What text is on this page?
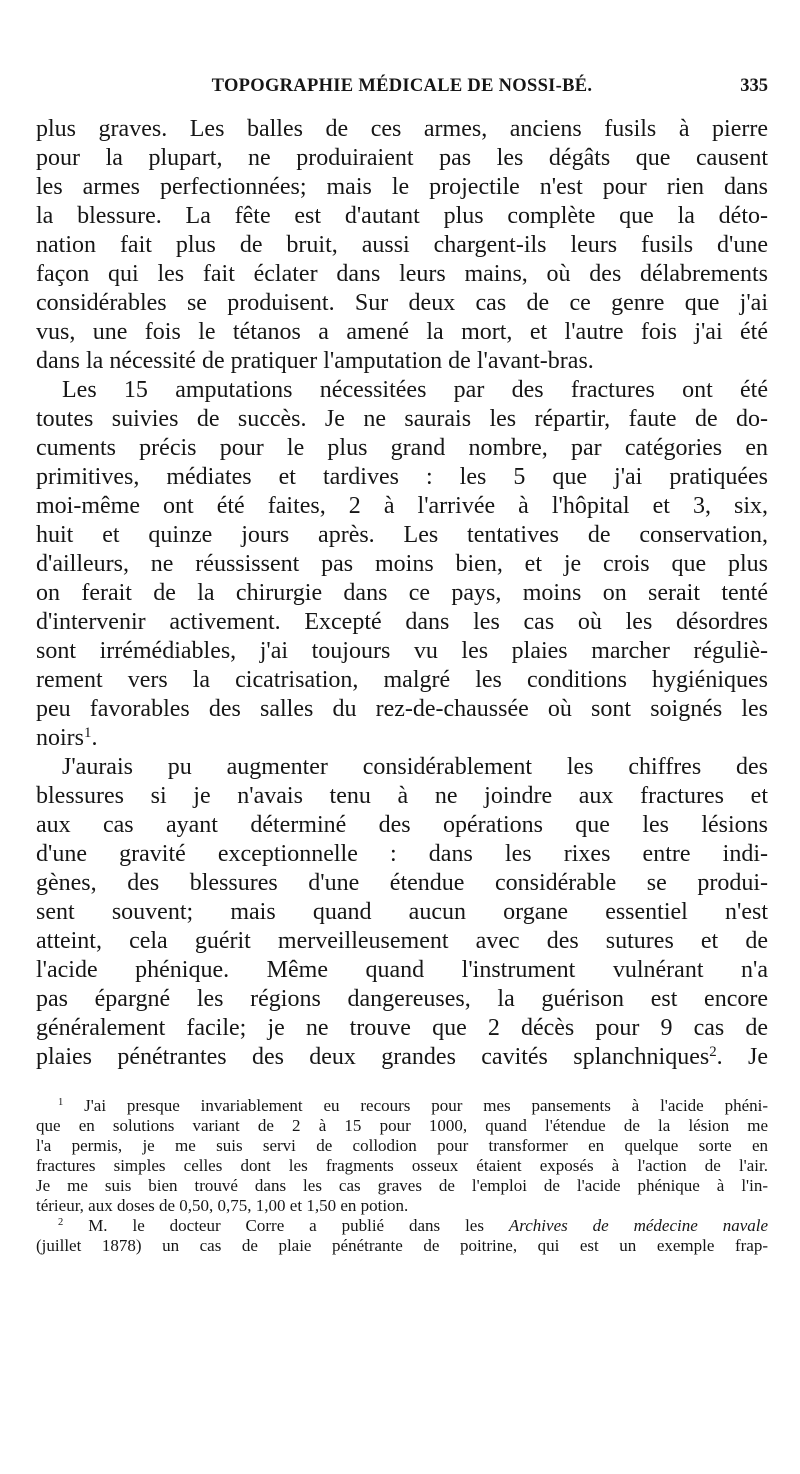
TOPOGRAPHIE MÉDICALE DE NOSSI-BÉ.	335
plus graves. Les balles de ces armes, anciens fusils à pierre
pour la plupart, ne produiraient pas les dégâts que causent
les armes perfectionnées; mais le projectile n'est pour rien dans
la blessure. La fête est d'autant plus complète que la déto-
nation fait plus de bruit, aussi chargent-ils leurs fusils d'une
façon qui les fait éclater dans leurs mains, où des délabrements
considérables se produisent. Sur deux cas de ce genre que j'ai
vus, une fois le tétanos a amené la mort, et l'autre fois j'ai été
dans la nécessité de pratiquer l'amputation de l'avant-bras.
Les 15 amputations nécessitées par des fractures ont été
toutes suivies de succès. Je ne saurais les répartir, faute de do-
cuments précis pour le plus grand nombre, par catégories en
primitives, médiates et tardives : les 5 que j'ai pratiquées
moi-même ont été faites, 2 à l'arrivée à l'hôpital et 3, six,
huit et quinze jours après. Les tentatives de conservation,
d'ailleurs, ne réussissent pas moins bien, et je crois que plus
on ferait de la chirurgie dans ce pays, moins on serait tenté
d'intervenir activement. Excepté dans les cas où les désordres
sont irrémédiables, j'ai toujours vu les plaies marcher réguliè-
rement vers la cicatrisation, malgré les conditions hygiéniques
peu favorables des salles du rez-de-chaussée où sont soignés les
noirs$^1$.
J'aurais pu augmenter considérablement les chiffres des
blessures si je n'avais tenu à ne joindre aux fractures et
aux cas ayant déterminé des opérations que les lésions
d'une gravité exceptionnelle : dans les rixes entre indi-
gènes, des blessures d'une étendue considérable se produi-
sent souvent; mais quand aucun organe essentiel n'est
atteint, cela guérit merveilleusement avec des sutures et de
l'acide phénique. Même quand l'instrument vulnérant n'a
pas épargné les régions dangereuses, la guérison est encore
généralement facile; je ne trouve que 2 décès pour 9 cas de
plaies pénétrantes des deux grandes cavités splanchniques$^2$. Je
$^1$ J'ai presque invariablement eu recours pour mes pansements à l'acide phéni-
que en solutions variant de 2 à 15 pour 1000, quand l'étendue de la lésion me
l'a permis, je me suis servi de collodion pour transformer en quelque sorte en
fractures simples celles dont les fragments osseux étaient exposés à l'action de l'air.
Je me suis bien trouvé dans les cas graves de l'emploi de l'acide phénique à l'in-
térieur, aux doses de 0,50, 0,75, 1,00 et 1,50 en potion.
$^2$ M. le docteur Corre a publié dans les Archives de médecine navale
(juillet 1878) un cas de plaie pénétrante de poitrine, qui est un exemple frap-
